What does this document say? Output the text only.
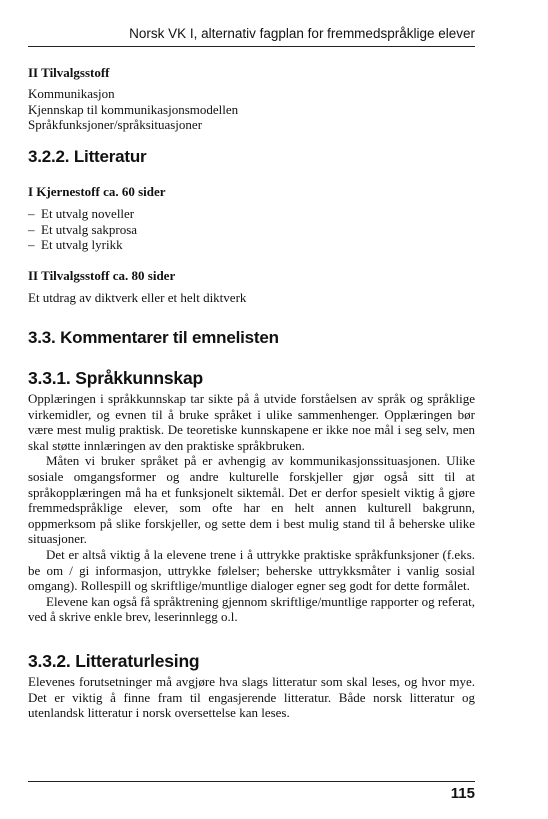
Norsk VK I, alternativ fagplan for fremmedspråklige elever
II Tilvalgsstoff
Kommunikasjon
Kjennskap til kommunikasjonsmodellen
Språkfunksjoner/språksituasjoner
3.2.2. Litteratur
I Kjernestoff ca. 60 sider
– Et utvalg noveller
– Et utvalg sakprosa
– Et utvalg lyrikk
II Tilvalgsstoff ca. 80 sider
Et utdrag av diktverk eller et helt diktverk
3.3. Kommentarer til emnelisten
3.3.1. Språkkunnskap

Opplæringen i språkkunnskap tar sikte på å utvide forståelsen av språk og språklige virkemidler, og evnen til å bruke språket i ulike sammenhenger. Opplæringen bør være mest mulig praktisk. De teoretiske kunnskapene er ikke noe mål i seg selv, men skal støtte innlæringen av den praktiske språkbruken.

Måten vi bruker språket på er avhengig av kommunikasjonssituasjonen. Ulike sosiale omgangsformer og andre kulturelle forskjeller gjør også sitt til at språkopplæringen må ha et funksjonelt siktemål. Det er derfor spesielt viktig å gjøre fremmedspråklige elever, som ofte har en helt annen kulturell bakgrunn, oppmerksom på slike forskjeller, og sette dem i best mulig stand til å beherske ulike situasjoner.

Det er altså viktig å la elevene trene i å uttrykke praktiske språkfunksjoner (f.eks. be om / gi informasjon, uttrykke følelser; beherske uttrykksmåter i vanlig sosial omgang). Rollespill og skriftlige/muntlige dialoger egner seg godt for dette formålet.

Elevene kan også få språktrening gjennom skriftlige/muntlige rapporter og referat, ved å skrive enkle brev, leserinnlegg o.l.

3.3.2. Litteraturlesing

Elevenes forutsetninger må avgjøre hva slags litteratur som skal leses, og hvor mye. Det er viktig å finne fram til engasjerende litteratur. Både norsk litteratur og utenlandsk litteratur i norsk oversettelse kan leses.

115
